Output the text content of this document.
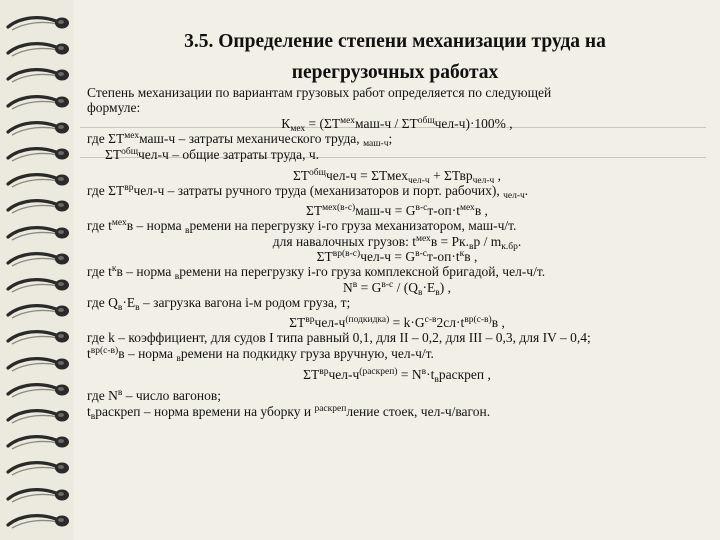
3.5. Определение степени механизации труда на
перегрузочных работах
Степень механизации по вариантам грузовых работ определяется по следующей
формуле:
$К_{мех} = (\Sigma Т^{мех}маш-ч / \Sigma Т^{общ}чел-ч)\cdot 100\%$ ,
где $\Sigma Т^{мех}маш-ч$ – затраты механического труда, $_{маш-ч}$;
$\Sigma Т^{общ}чел-ч$ – общие затраты труда, ч.
$\Sigma Т^{общ}чел-ч$ = ΣТмех$_{чел-ч}$ + ΣТвр$_{чел-ч}$ ,
где $\Sigma Т^{вр}чел-ч$ – затраты ручного труда (механизаторов и порт. рабочих), $_{чел-ч}$.
$\Sigma Т^{мех(в-с)}маш-ч = G^{в-с}т-оп\cdot t^{мех}в$ ,
где $t^{мех}в$ – норма $_в$ремени на перегрузку i-го груза механизатором, маш-ч/т.
для навалочных грузов: $t^{мех}в = Рк._вр / m_{к.бр}$.
$\Sigma Т^{вр(в-с)}чел-ч = G^{в-с}т-оп\cdot t^кв$ ,
где $t^кв$ – норма $_в$ремени на перегрузку i-го груза комплексной бригадой, чел-ч/т.
$N^в = G^{в-с} / (Q_в\cdot Е_в)$ ,
где $Q_в\cdot Е_в$ – загрузка вагона i-м родом груза, т;
$\Sigma Т^{вр}чел-ч^{(подкидка)} = k\cdot G^{с-в}2сл\cdot t^{вр(с-в)}в$ ,
где k – коэффициент, для судов I типа равный 0,1, для II – 0,2, для III – 0,3, для IV – 0,4;
$t^{вр(с-в)}в$ – норма $_в$ремени на подкидку груза вручную, чел-ч/т.
$\Sigma Т^{вр}чел-ч^{(раскреп)}$ = $N^в\cdot t_враскреп$ ,
где $N^в$ – число вагонов;
$t_враскреп$ – норма времени на уборку и $^{раскреп}$ление стоек, чел-ч/вагон.
